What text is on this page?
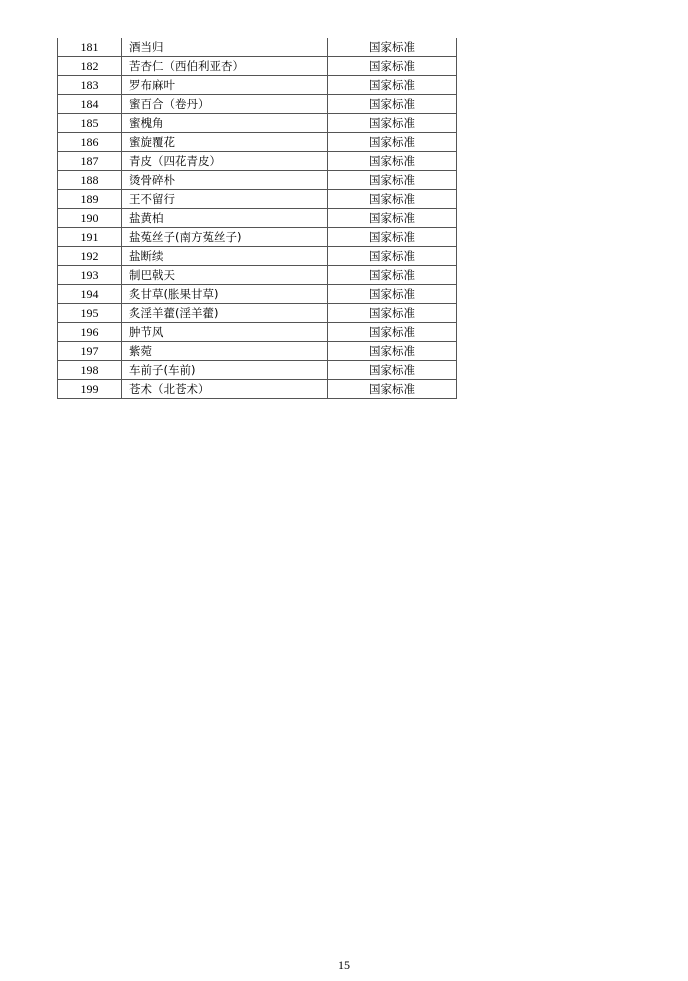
181	酒当归	国家标准
182	苦杏仁（西伯利亚杏）	国家标准
183	罗布麻叶	国家标准
184	蜜百合（卷丹）	国家标准
185	蜜槐角	国家标准
186	蜜旋覆花	国家标准
187	青皮（四花青皮）	国家标准
188	烫骨碎朴	国家标准
189	王不留行	国家标准
190	盐黄柏	国家标准
191	盐菟丝子(南方菟丝子)	国家标准
192	盐断续	国家标准
193	制巴戟天	国家标准
194	炙甘草(胀果甘草)	国家标准
195	炙淫羊藿(淫羊藿)	国家标准
196	肿节风	国家标准
197	紫菀	国家标准
198	车前子(车前)	国家标准
199	苍术（北苍术）	国家标准
15
